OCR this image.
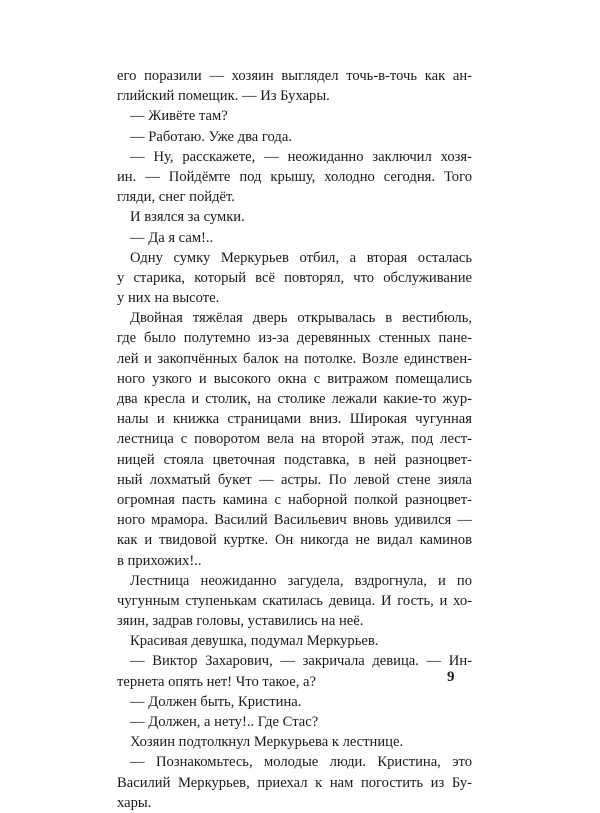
его поразили — хозяин выглядел точь-в-точь как ан-
глийский помещик. — Из Бухары.
— Живёте там?
— Работаю. Уже два года.
— Ну, расскажете, — неожиданно заключил хозя-
ин. — Пойдёмте под крышу, холодно сегодня. Того
гляди, снег пойдёт.
И взялся за сумки.
— Да я сам!..
Одну сумку Меркурьев отбил, а вторая осталась
у старика, который всё повторял, что обслуживание
у них на высоте.
Двойная тяжёлая дверь открывалась в вестибюль,
где было полутемно из-за деревянных стенных пане-
лей и закопчённых балок на потолке. Возле единствен-
ного узкого и высокого окна с витражом помещались
два кресла и столик, на столике лежали какие-то жур-
налы и книжка страницами вниз. Широкая чугунная
лестница с поворотом вела на второй этаж, под лест-
ницей стояла цветочная подставка, в ней разноцвет-
ный лохматый букет — астры. По левой стене зияла
огромная пасть камина с наборной полкой разноцвет-
ного мрамора. Василий Васильевич вновь удивился —
как и твидовой куртке. Он никогда не видал каминов
в прихожих!..
Лестница неожиданно загудела, вздрогнула, и по
чугунным ступенькам скатилась девица. И гость, и хо-
зяин, задрав головы, уставились на неё.
Красивая девушка, подумал Меркурьев.
— Виктор Захарович, — закричала девица. — Ин-
тернета опять нет! Что такое, а?
— Должен быть, Кристина.
— Должен, а нету!.. Где Стас?
Хозяин подтолкнул Меркурьева к лестнице.
— Познакомьтесь, молодые люди. Кристина, это
Василий Меркурьев, приехал к нам погостить из Бу-
хары.
9
